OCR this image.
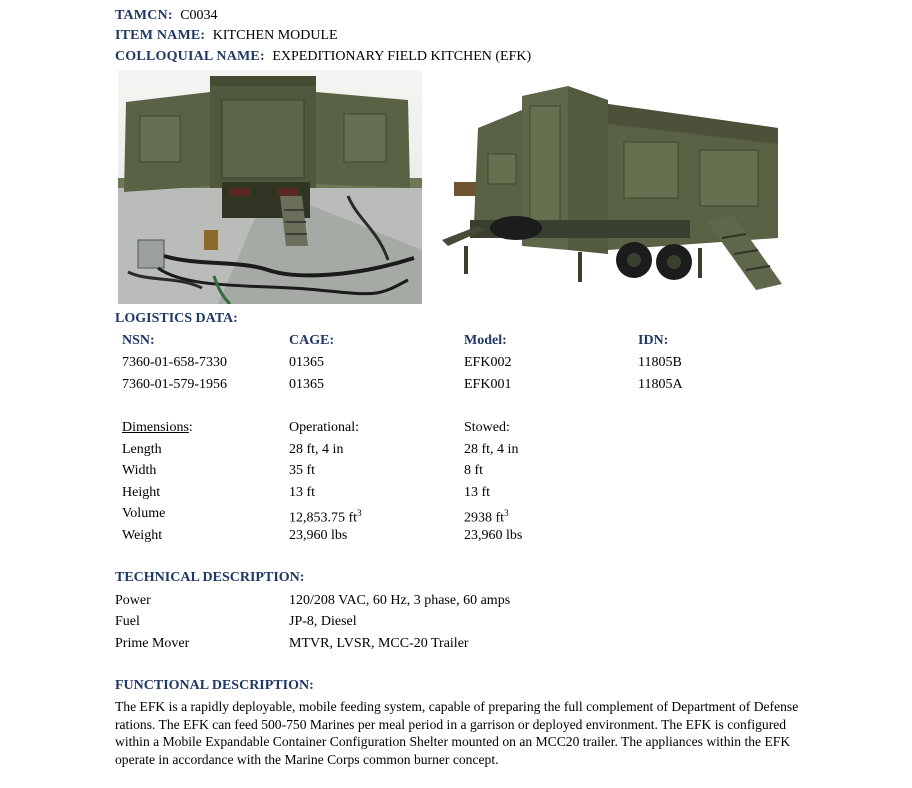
TAMCN: C0034
ITEM NAME: KITCHEN MODULE
COLLOQUIAL NAME: EXPEDITIONARY FIELD KITCHEN (EFK)
LOGISTICS DATA:
NSN:	CAGE:	Model:	IDN:
7360-01-658-7330	01365	EFK002	11805B
7360-01-579-1956	01365	EFK001	11805A
Dimensions:	Operational:	Stowed:
Length	28 ft, 4 in	28 ft, 4 in
Width	35 ft	8 ft
Height	13 ft	13 ft
Volume	12,853.75 $ft^3$	2938 $ft^3$
Weight	23,960 lbs	23,960 lbs
TECHNICAL DESCRIPTION:
Power	120/208 VAC, 60 Hz, 3 phase, 60 amps
Fuel	JP-8, Diesel
Prime Mover	MTVR, LVSR, MCC-20 Trailer
FUNCTIONAL DESCRIPTION:
The EFK is a rapidly deployable, mobile feeding system, capable of preparing the full complement of Department of Defense rations. The EFK can feed 500-750 Marines per meal period in a garrison or deployed environment. The EFK is configured within a Mobile Expandable Container Configuration Shelter mounted on an MCC20 trailer. The appliances within the EFK operate in accordance with the Marine Corps common burner concept.
